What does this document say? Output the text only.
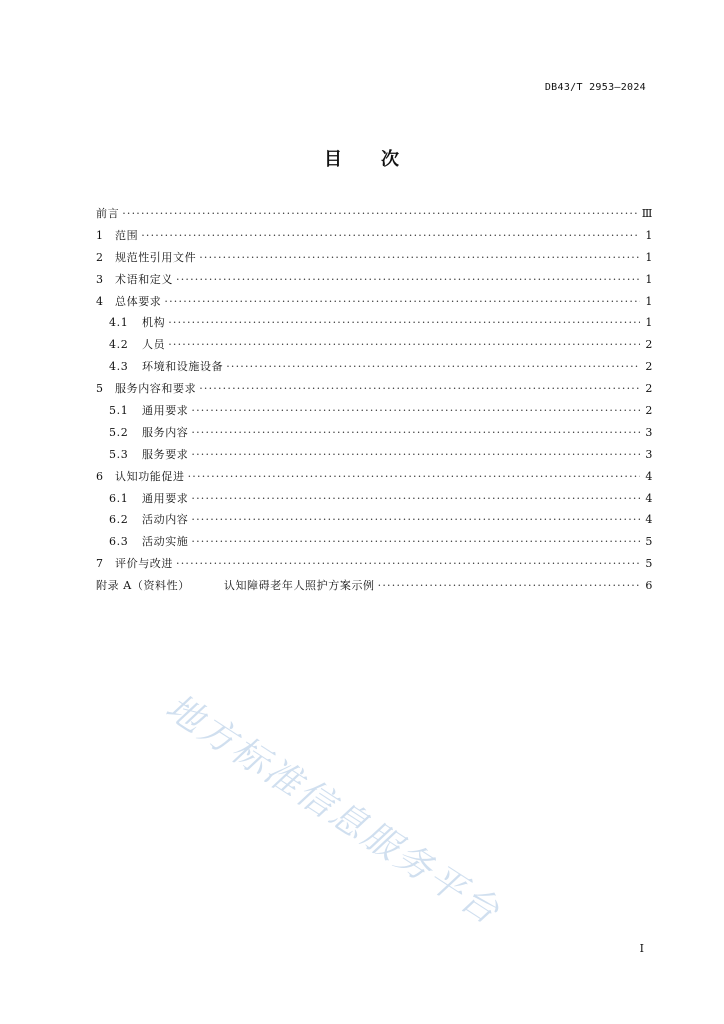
DB43/T 2953—2024
目 次
前言 ·····	Ⅲ
1	范围 ·····	1
2	规范性引用文件 ·····	1
3	术语和定义 ·····	1
4	总体要求 ·····	1
4.1	机构 ·····	1
4.2	人员 ·····	2
4.3	环境和设施设备 ·····	2
5	服务内容和要求 ·····	2
5.1	通用要求 ·····	2
5.2	服务内容 ·····	3
5.3	服务要求 ·····	3
6	认知功能促进 ·····	4
6.1	通用要求 ·····	4
6.2	活动内容 ·····	4
6.3	活动实施 ·····	5
7	评价与改进 ·····	5
附录 A（资料性）	认知障碍老年人照护方案示例 ·····	6
地方标准信息服务平台
I
